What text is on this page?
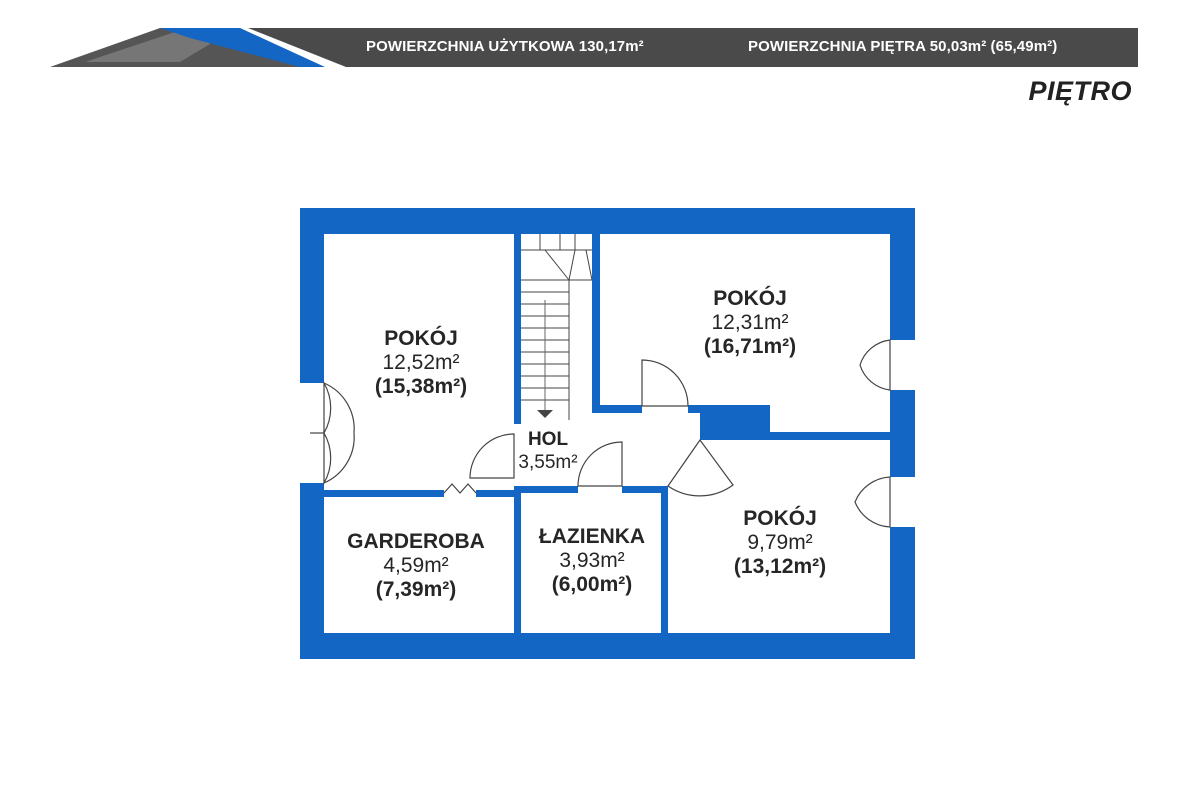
POWIERZCHNIA UŻYTKOWA 130,17m²	POWIERZCHNIA PIĘTRA 50,03m² (65,49m²)
PIĘTRO
POKÓJ
12,52m²
(15,38m²)
POKÓJ
12,31m²
(16,71m²)
HOL
3,55m²
GARDEROBA
4,59m²
(7,39m²)
ŁAZIENKA
3,93m²
(6,00m²)
POKÓJ
9,79m²
(13,12m²)
